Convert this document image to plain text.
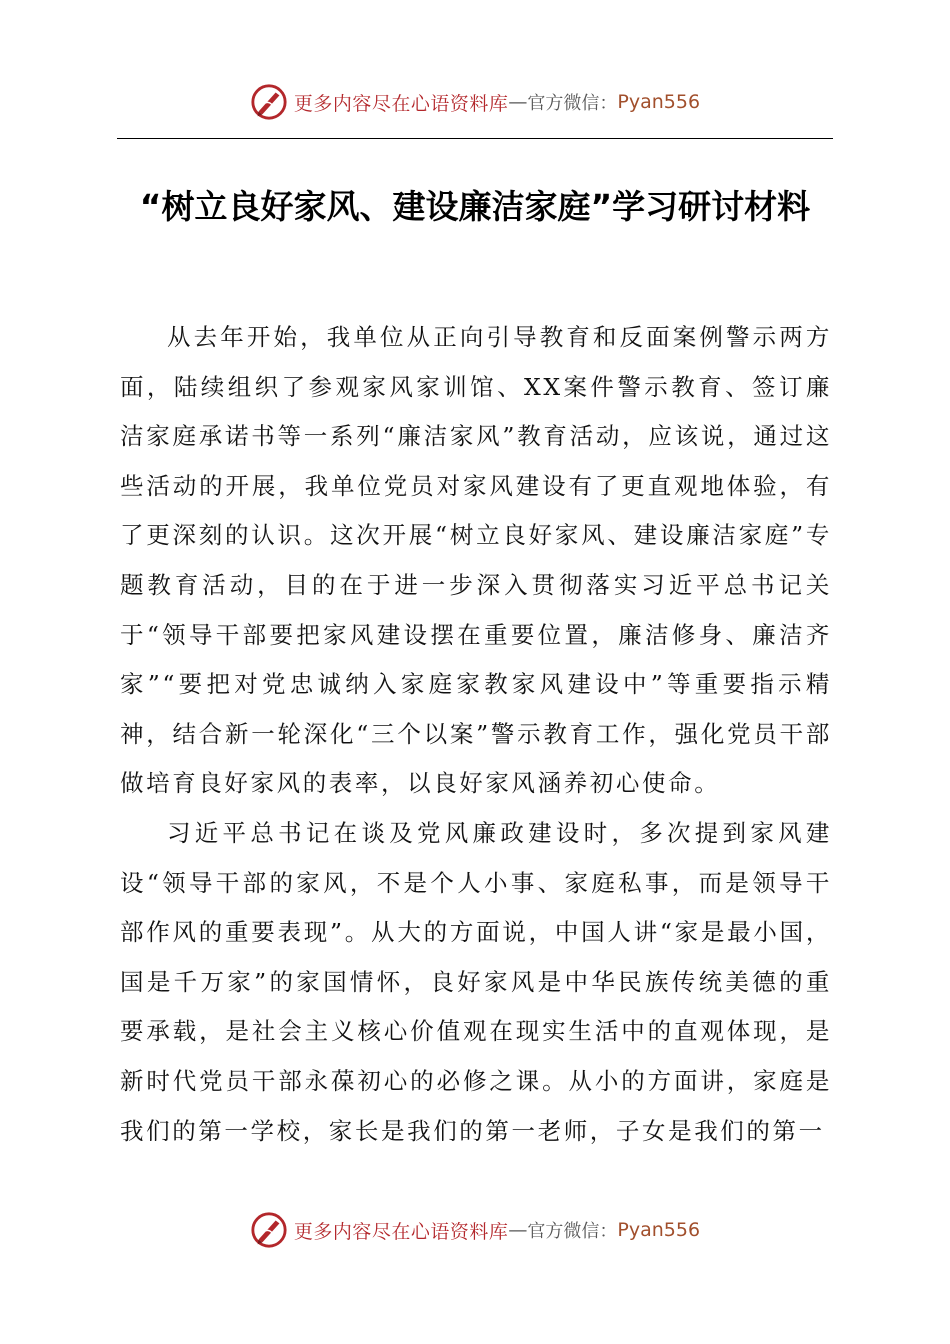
更多内容尽在心语资料库 — 官方微信： Pyan556
“树立良好家风、建设廉洁家庭”学习研讨材料

从去年开始，我单位从正向引导教育和反面案例警示两方面，陆续组织了参观家风家训馆、XX案件警示教育、签订廉洁家庭承诺书等一系列“廉洁家风”教育活动，应该说，通过这些活动的开展，我单位党员对家风建设有了更直观地体验，有了更深刻的认识。这次开展“树立良好家风、建设廉洁家庭”专题教育活动，目的在于进一步深入贯彻落实习近平总书记关于“领导干部要把家风建设摆在重要位置，廉洁修身、廉洁齐家”“要把对党忠诚纳入家庭家教家风建设中”等重要指示精神，结合新一轮深化“三个以案”警示教育工作，强化党员干部做培育良好家风的表率，以良好家风涵养初心使命。

习近平总书记在谈及党风廉政建设时，多次提到家风建设“领导干部的家风，不是个人小事、家庭私事，而是领导干部作风的重要表现”。从大的方面说，中国人讲“家是最小国，国是千万家”的家国情怀，良好家风是中华民族传统美德的重要承载，是社会主义核心价值观在现实生活中的直观体现，是新时代党员干部永葆初心的必修之课。从小的方面讲，家庭是我们的第一学校，家长是我们的第一老师，子女是我们的第一

更多内容尽在心语资料库 — 官方微信： Pyan556
